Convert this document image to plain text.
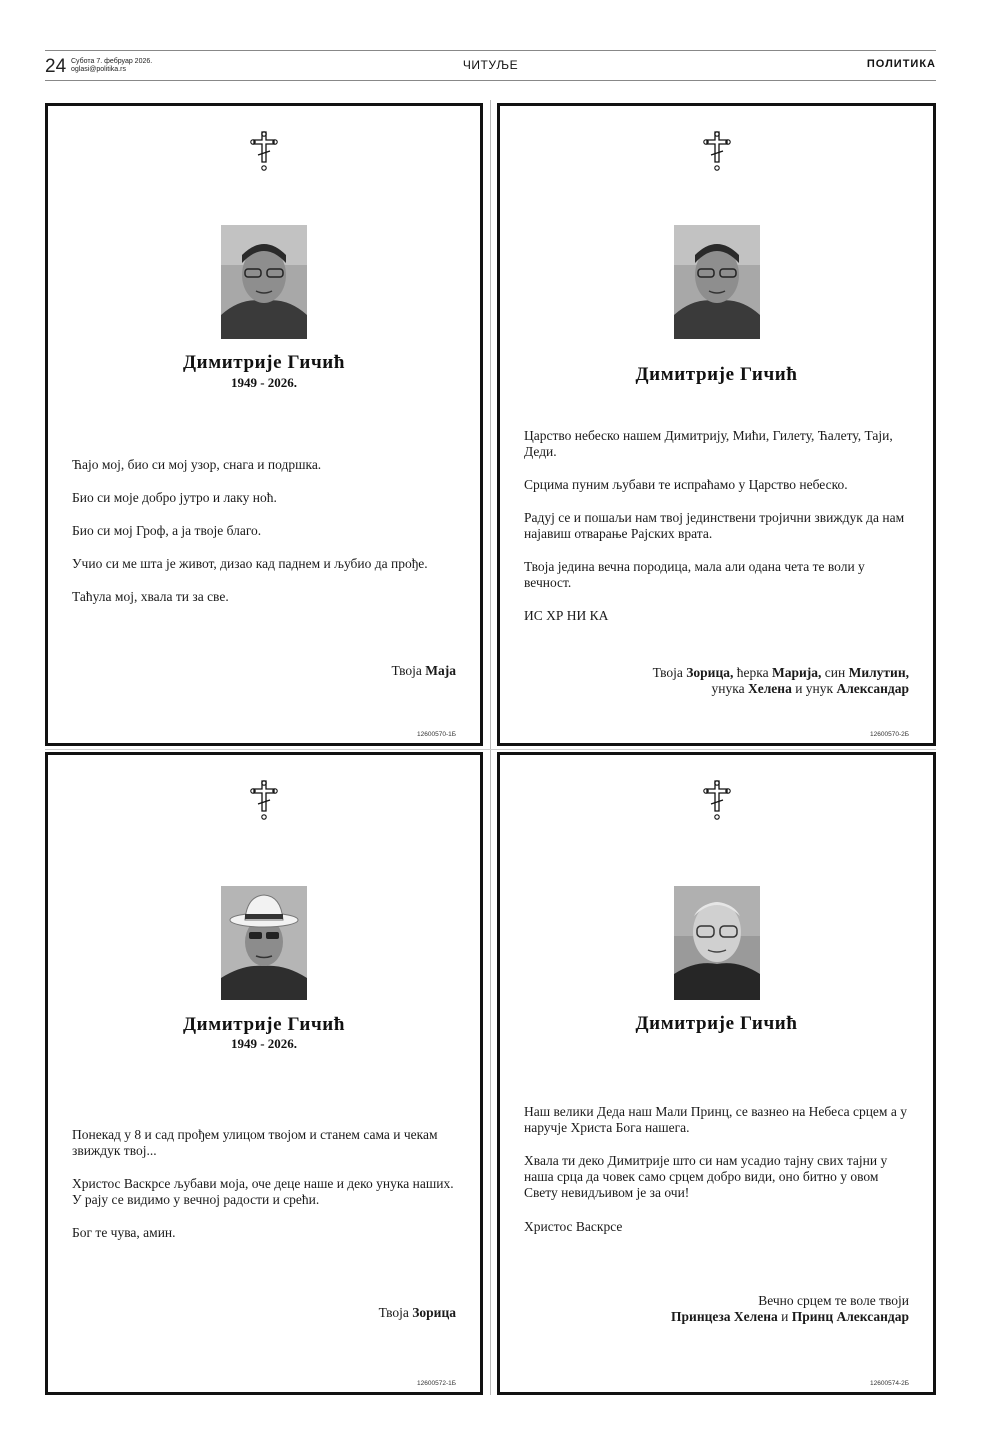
24 Субота 7. фебруар 2026.
oglasi@politika.rs	ЧИТУЉЕ	ПОЛИТИКА
Димитрије Гичић
1949 - 2026.
Ћајо мој, био си мој узор, снага и подршка.
Био си моје добро јутро и лаку ноћ.
Био си мој Гроф, а ја твоје благо.
Учио си ме шта је живот, дизао кад паднем и љубио да прође.
Таћула мој, хвала ти за све.
Твоја Маја
12600570-1Б
Димитрије Гичић
Царство небеско нашем Димитрију, Мићи, Гилету, Ћалету, Таји, Деди.
Срцима пуним љубави те испраћамо у Царство небеско.
Радуј се и пошаљи нам твој јединствени тројични звиждук да нам најавиш отварање Рајских врата.
Твоја једина вечна породица, мала али одана чета те воли у вечност.
ИС ХР НИ КА
Твоја Зорица, ћерка Марија, син Милутин,
унука Хелена и унук Александар
12600570-2Б
Димитрије Гичић
1949 - 2026.
Понекад у 8 и сад прођем улицом твојом и станем сама и чекам звиждук твој...
Христос Васкрсе љубави моја, оче деце наше и деко унука наших. У рају се видимо у вечној радости и срећи.
Бог те чува, амин.
Твоја Зорица
12600572-1Б
Димитрије Гичић
Наш велики Деда наш Мали Принц, се вазнео на Небеса срцем а у наручје Христа Бога нашега.
Хвала ти деко Димитрије што си нам усадио тајну свих тајни у наша срца да човек само срцем добро види, оно битно у овом Свету невидљивом је за очи!
Христос Васкрсе
Вечно срцем те воле твоји
Принцеза Хелена и Принц Александар
12600574-2Б
